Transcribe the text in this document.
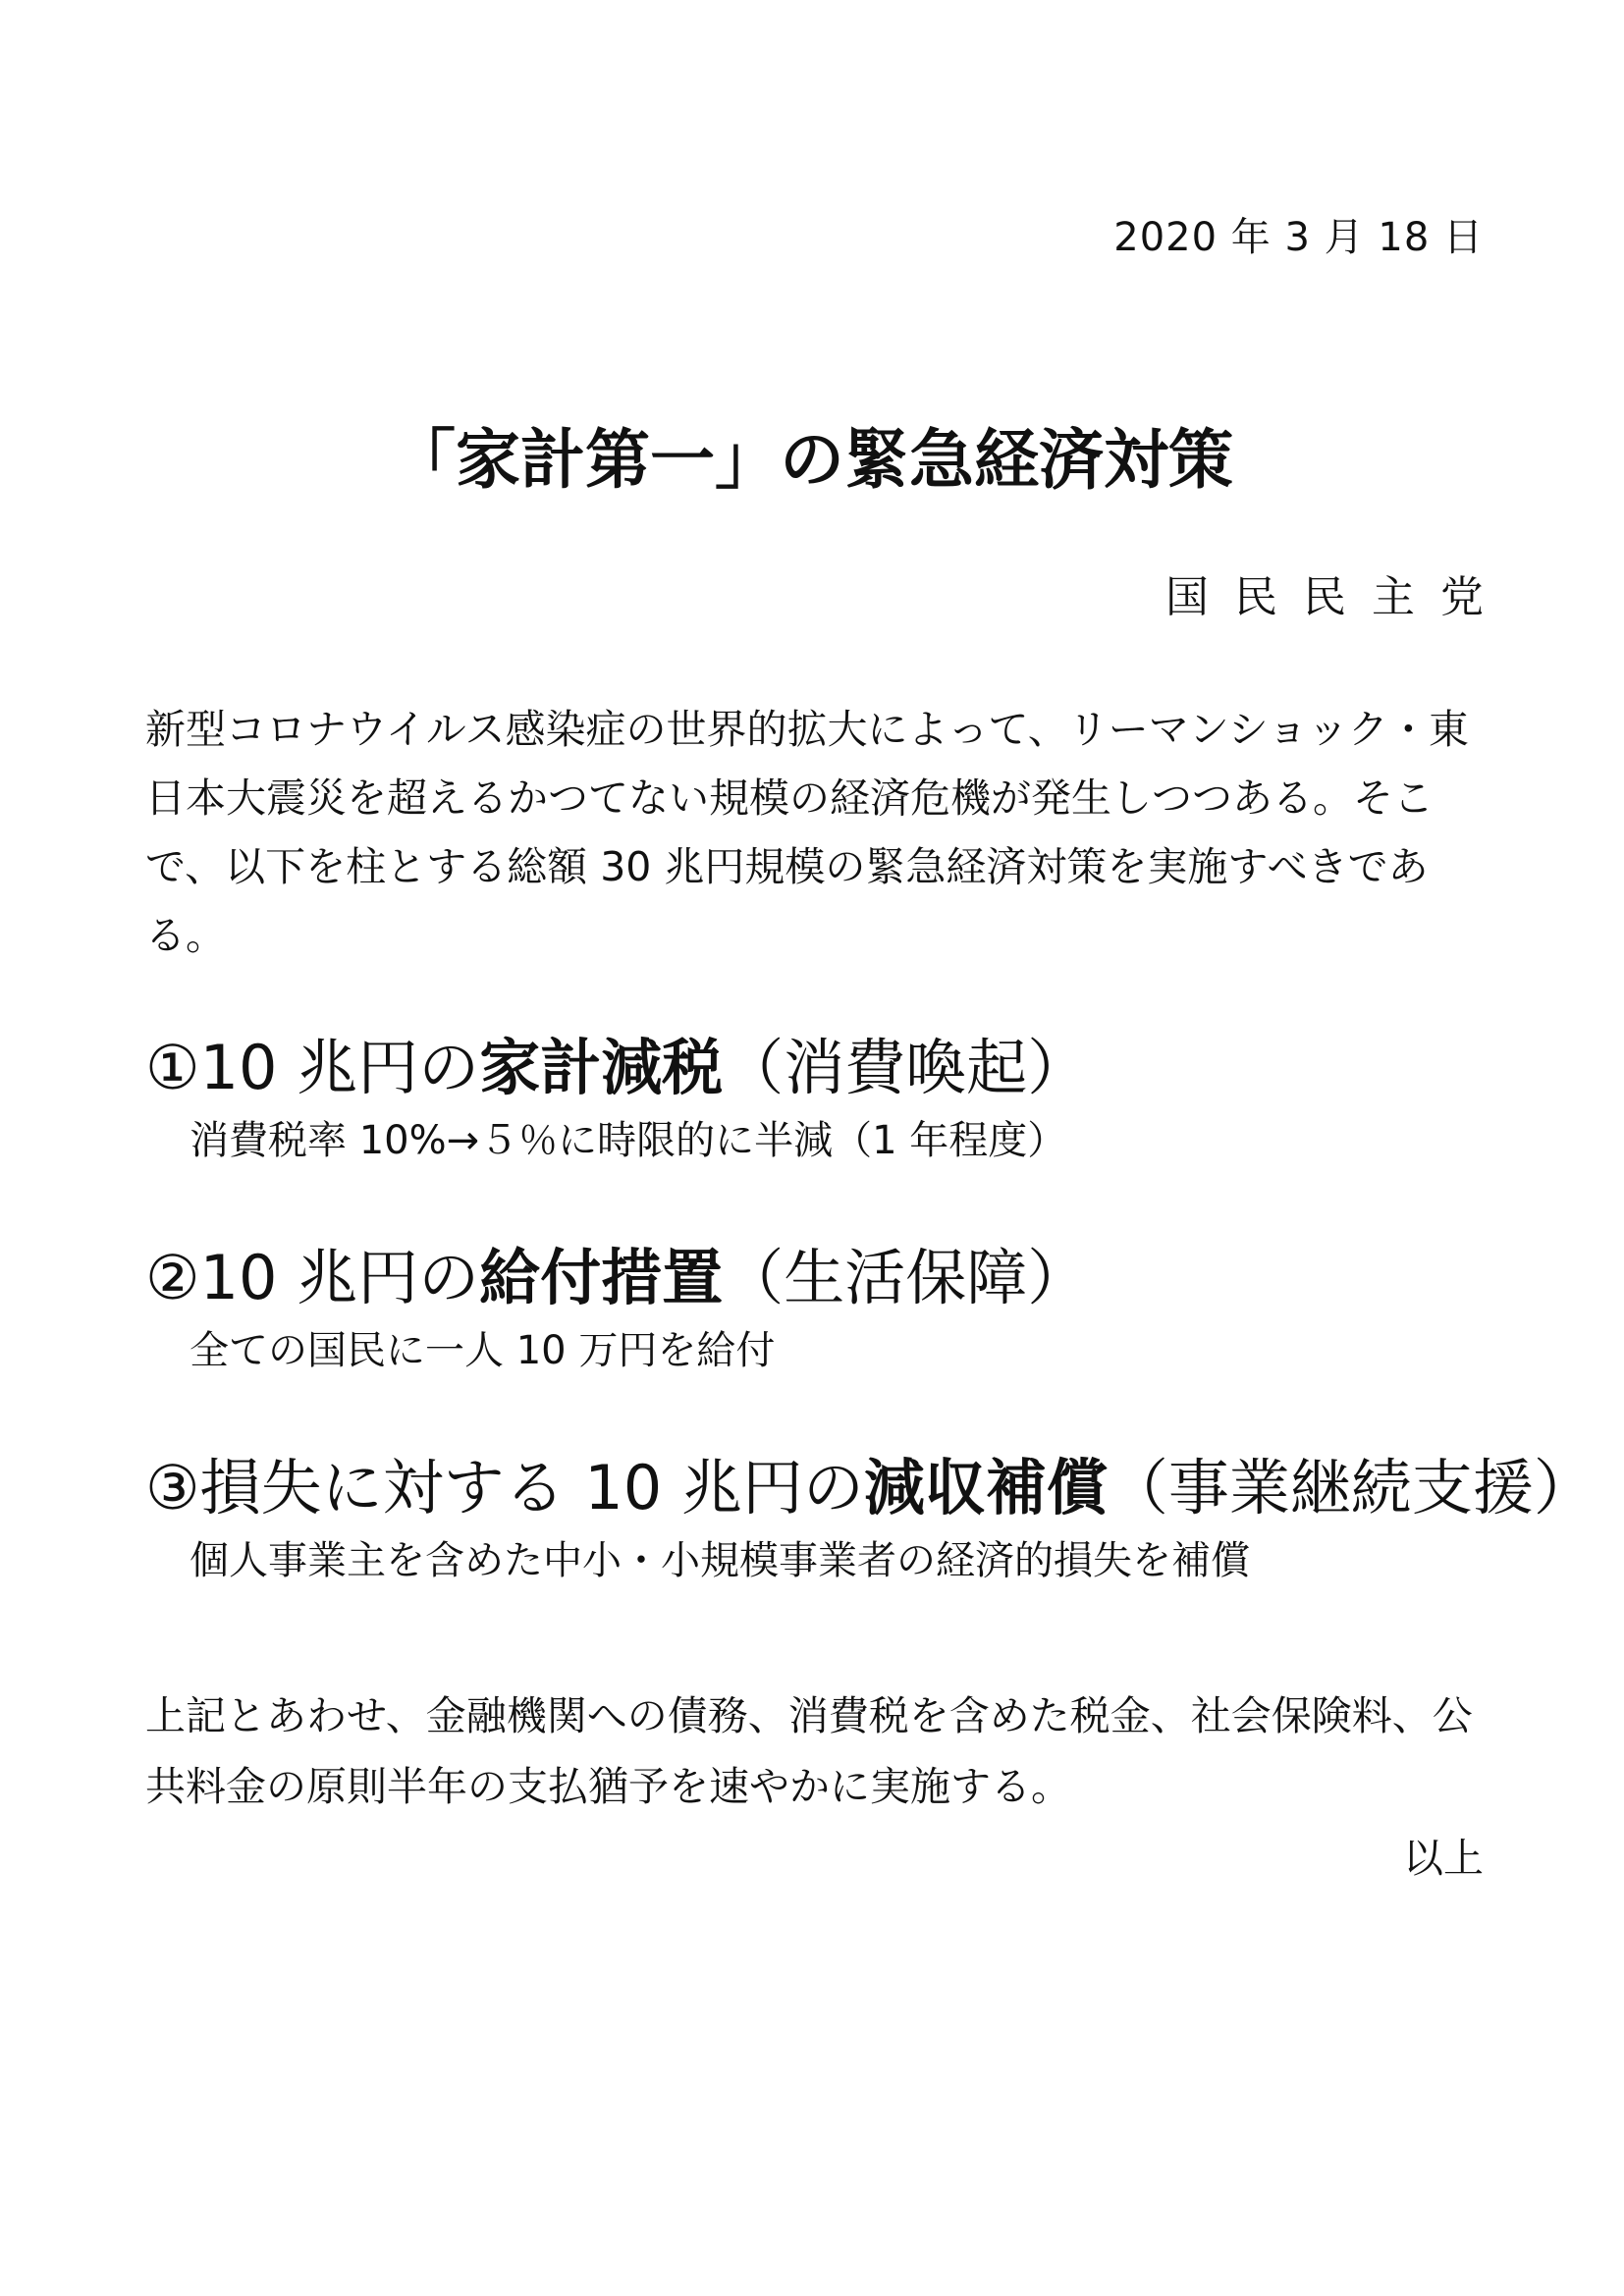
2020 年 3 月 18 日
「家計第一」の緊急経済対策
国民民主党
新型コロナウイルス感染症の世界的拡大によって、リーマンショック・東日本大震災を超えるかつてない規模の経済危機が発生しつつある。そこで、以下を柱とする総額 30 兆円規模の緊急経済対策を実施すべきである。
①10 兆円の家計減税（消費喚起）
消費税率 10%→５％に時限的に半減（1 年程度）
②10 兆円の給付措置（生活保障）
全ての国民に一人 10 万円を給付
③損失に対する 10 兆円の減収補償（事業継続支援）
個人事業主を含めた中小・小規模事業者の経済的損失を補償
上記とあわせ、金融機関への債務、消費税を含めた税金、社会保険料、公共料金の原則半年の支払猶予を速やかに実施する。
以上
